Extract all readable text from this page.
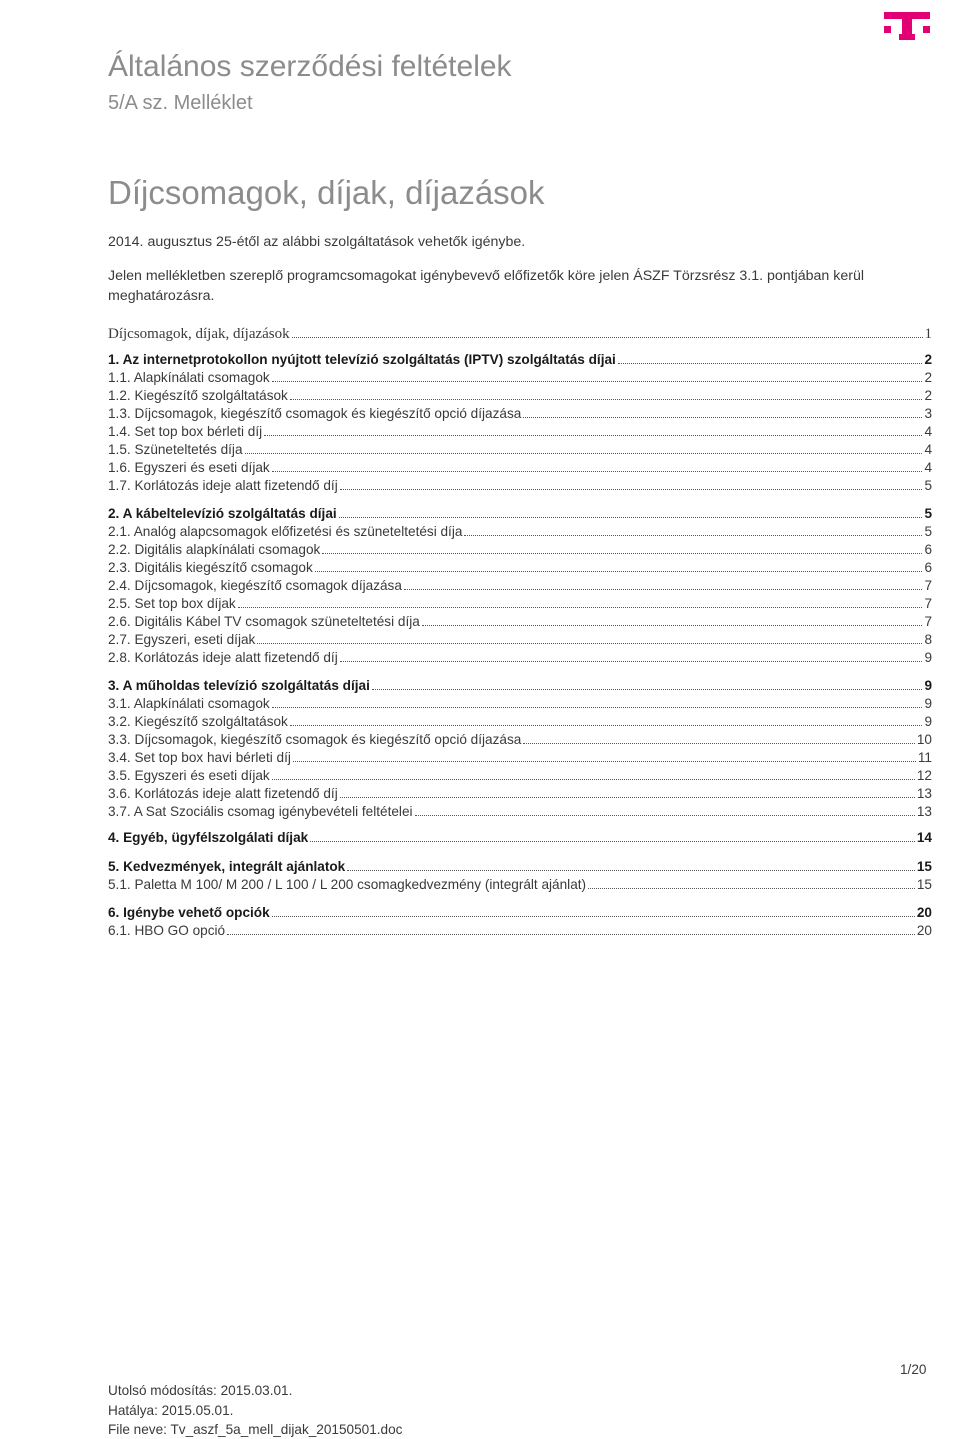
Általános szerződési feltételek
5/A sz. Melléklet
Díjcsomagok, díjak, díjazások
2014. augusztus 25-étől az alábbi szolgáltatások vehetők igénybe.
Jelen mellékletben szereplő programcsomagokat igénybevevő előfizetők köre jelen ÁSZF Törzsrész 3.1. pontjában kerül
meghatározásra.
Díjcsomagok, díjak, díjazások	1
1. Az internetprotokollon nyújtott televízió szolgáltatás (IPTV) szolgáltatás díjai	2
1.1. Alapkínálati csomagok	2
1.2. Kiegészítő szolgáltatások	2
1.3. Díjcsomagok, kiegészítő csomagok és kiegészítő opció díjazása	3
1.4. Set top box bérleti díj	4
1.5. Szüneteltetés díja	4
1.6. Egyszeri és eseti díjak	4
1.7. Korlátozás ideje alatt fizetendő díj	5
2. A kábeltelevízió szolgáltatás díjai	5
2.1. Analóg alapcsomagok előfizetési és szüneteltetési díja	5
2.2. Digitális alapkínálati csomagok	6
2.3. Digitális kiegészítő csomagok	6
2.4. Díjcsomagok, kiegészítő csomagok díjazása	7
2.5. Set top box díjak	7
2.6. Digitális Kábel TV csomagok szüneteltetési díja	7
2.7. Egyszeri, eseti díjak	8
2.8. Korlátozás ideje alatt fizetendő díj	9
3. A műholdas televízió szolgáltatás díjai	9
3.1. Alapkínálati csomagok	9
3.2. Kiegészítő szolgáltatások	9
3.3. Díjcsomagok, kiegészítő csomagok és kiegészítő opció díjazása	10
3.4. Set top box havi bérleti díj	11
3.5. Egyszeri és eseti díjak	12
3.6. Korlátozás ideje alatt fizetendő díj	13
3.7. A Sat Szociális csomag igénybevételi feltételei	13
4. Egyéb, ügyfélszolgálati díjak	14
5. Kedvezmények, integrált ajánlatok	15
5.1. Paletta M 100/ M 200 / L 100 / L 200 csomagkedvezmény (integrált ajánlat)	15
6. Igénybe vehető opciók	20
6.1. HBO GO opció	20
1/20
Utolsó módosítás: 2015.03.01.
Hatálya: 2015.05.01.
File neve: Tv_aszf_5a_mell_dijak_20150501.doc
